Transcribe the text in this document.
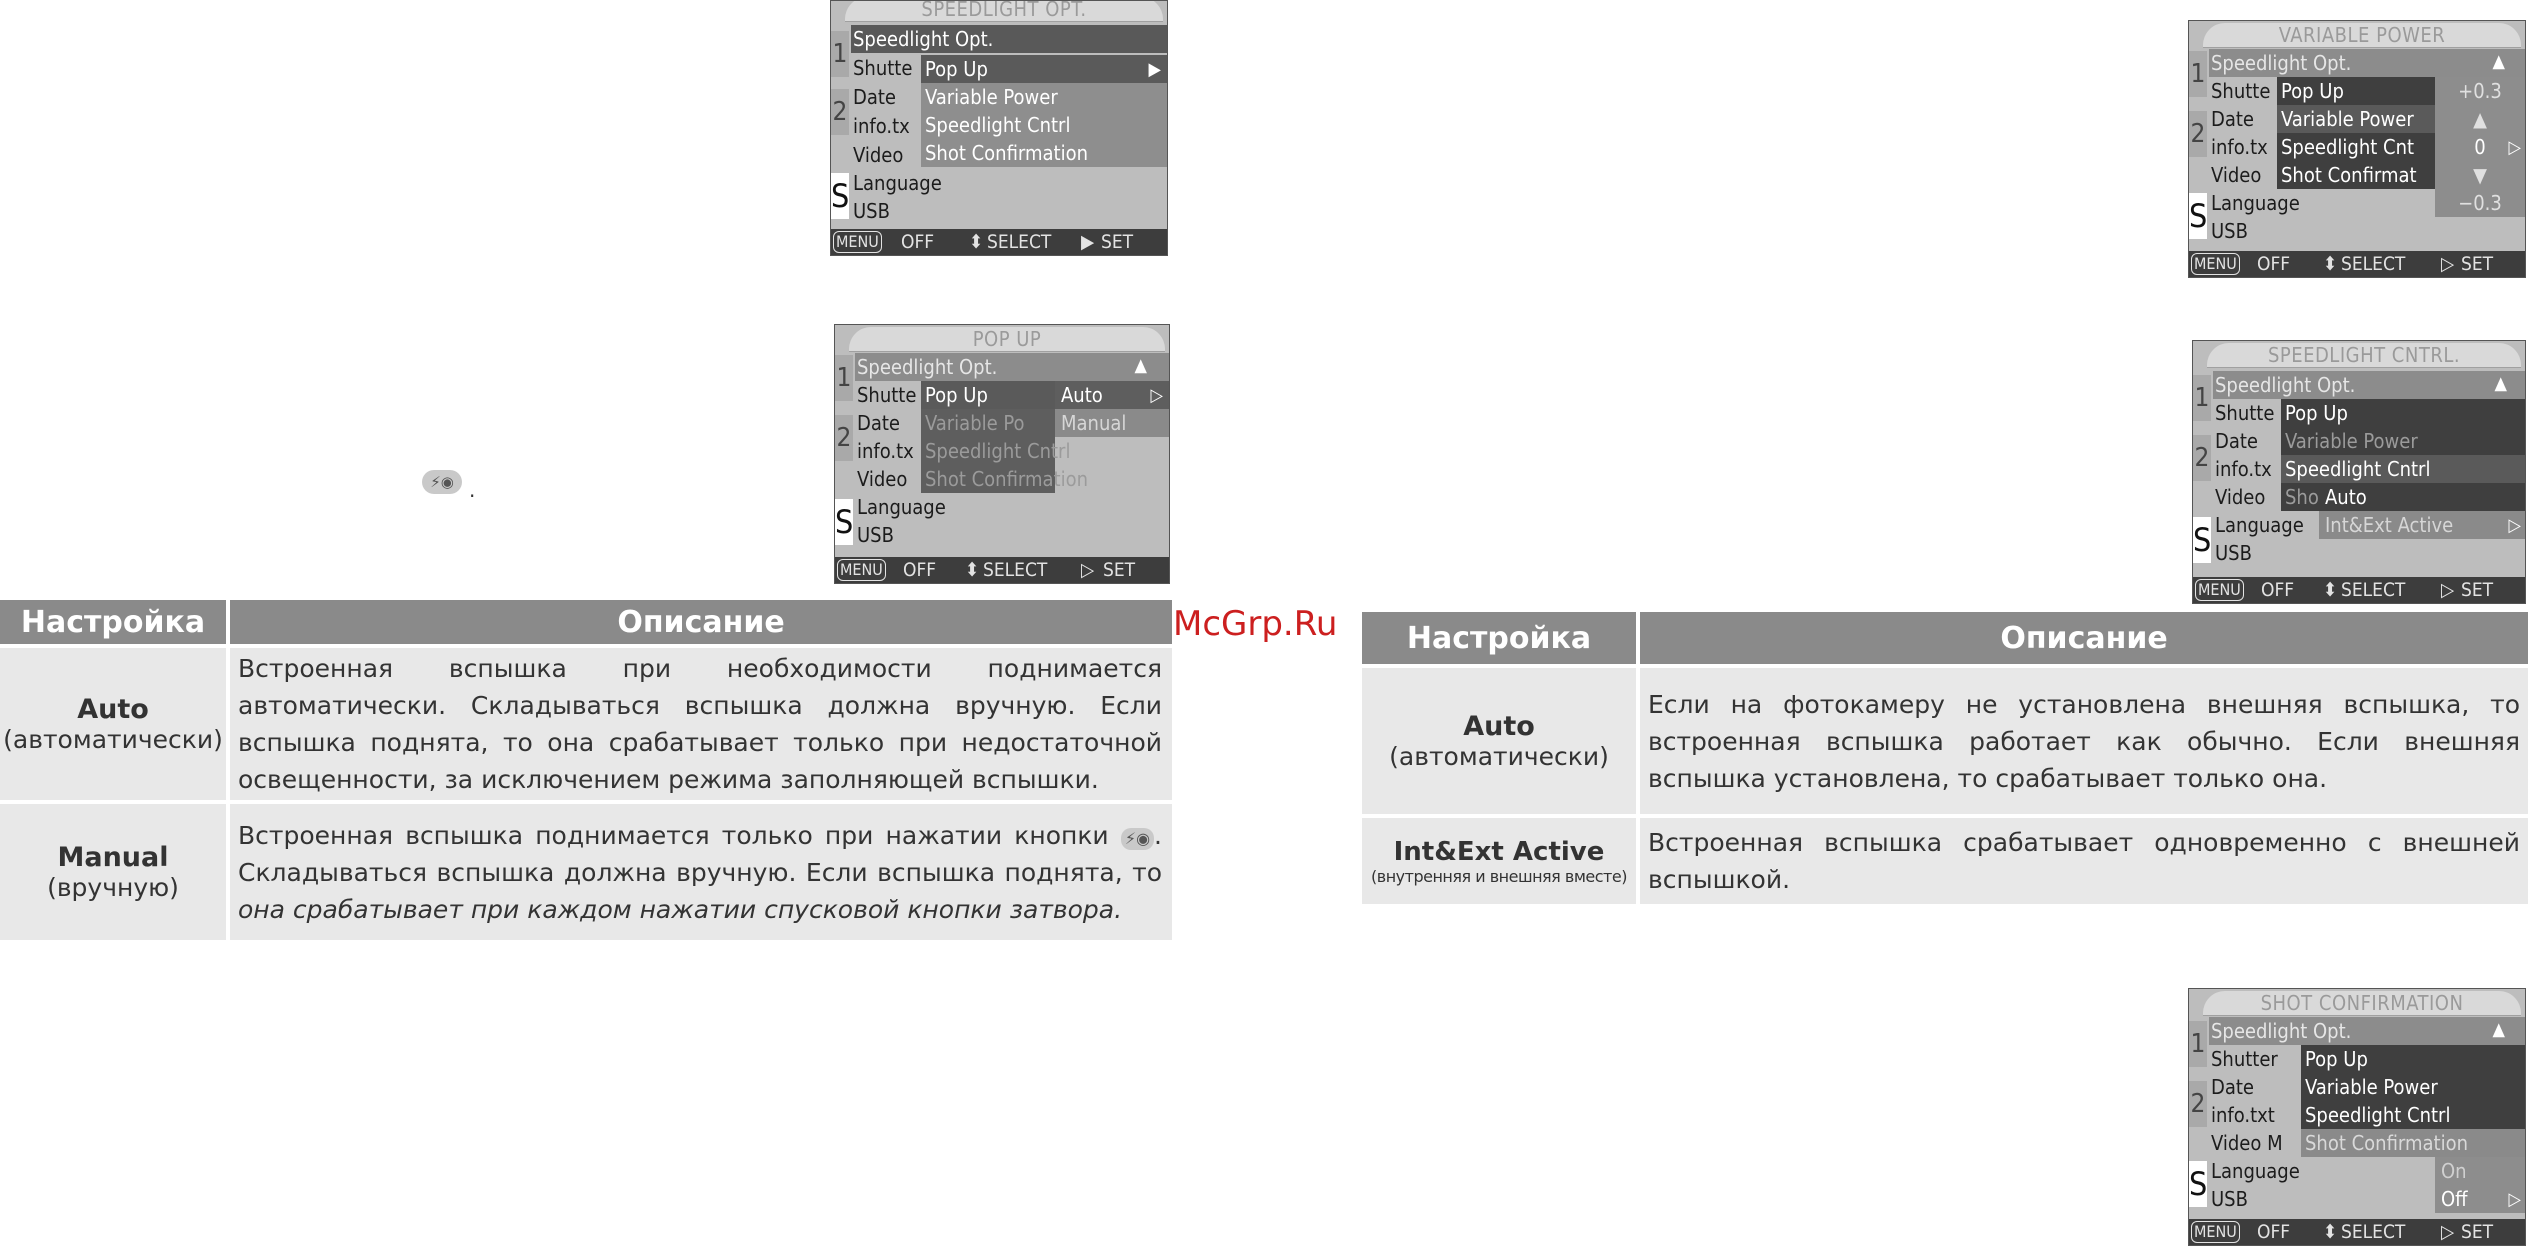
SPEEDLIGHT OPT.
1
2
S
Speedlight Opt.
Shutte
Date
info.tx
Video
Language
USB
Pop Up
Variable Power
Speedlight Cntrl
Shot Confirmation
▶
MENU OFF ⬍ SELECT ▶ SET
POP UP
1
2
S
Speedlight Opt.	▲
Shutte
Date
info.tx
Video
Language
USB
Pop Up
Variable Po
Speedlight Cntrl
Shot Confirmation
Auto
Manual
▷
MENU OFF ⬍ SELECT ▷ SET
⚡◉ .
Настройка	Описание

Auto
(автоматически)	Встроенная вспышка при необходимости поднимается автоматически. Складываться вспышка должна вручную. Если вспышка поднята, то она срабатывает только при недостаточной освещенности, за исключением режима заполняющей вспышки.

Manual
(вручную)	Встроенная вспышка поднимается только при нажатии кнопки ⚡◉ . Складываться вспышка должна вручную. Если вспышка поднята, то она срабатывает при каждом нажатии спусковой кнопки затвора.
McGrp.Ru
VARIABLE POWER
1
2
S
Speedlight Opt.
Shutte
Date
info.tx
Video
Language
USB
Pop Up
Variable Power
Speedlight Cnt
Shot Confirmat
▲
+0.3
▲
0
▼
−0.3
▷
MENU OFF ⬍ SELECT ▷ SET
SPEEDLIGHT CNTRL.
1
2
S
Speedlight Opt.	▲
Shutte
Date
info.tx
Video
Language
USB
Pop Up
Variable Power
Speedlight Cntrl
Sho Auto
Int&Ext Active	▷
MENU OFF ⬍ SELECT ▷ SET
Настройка	Описание

Auto
(автоматически)	Если на фотокамеру не установлена внешняя вспышка, то встроенная вспышка работает как обычно. Если внешняя вспышка установлена, то срабатывает только она.

Int&Ext Active
(внутренняя и внешняя вместе)	Встроенная вспышка срабатывает одновременно с внешней вспышкой.
SHOT CONFIRMATION
1
2
S
Speedlight Opt.	▲
Shutter
Date
info.txt
Video M
Language
USB
Pop Up
Variable Power
Speedlight Cntrl
Shot Confirmation
On
Off	▷
MENU OFF ⬍ SELECT ▷ SET
